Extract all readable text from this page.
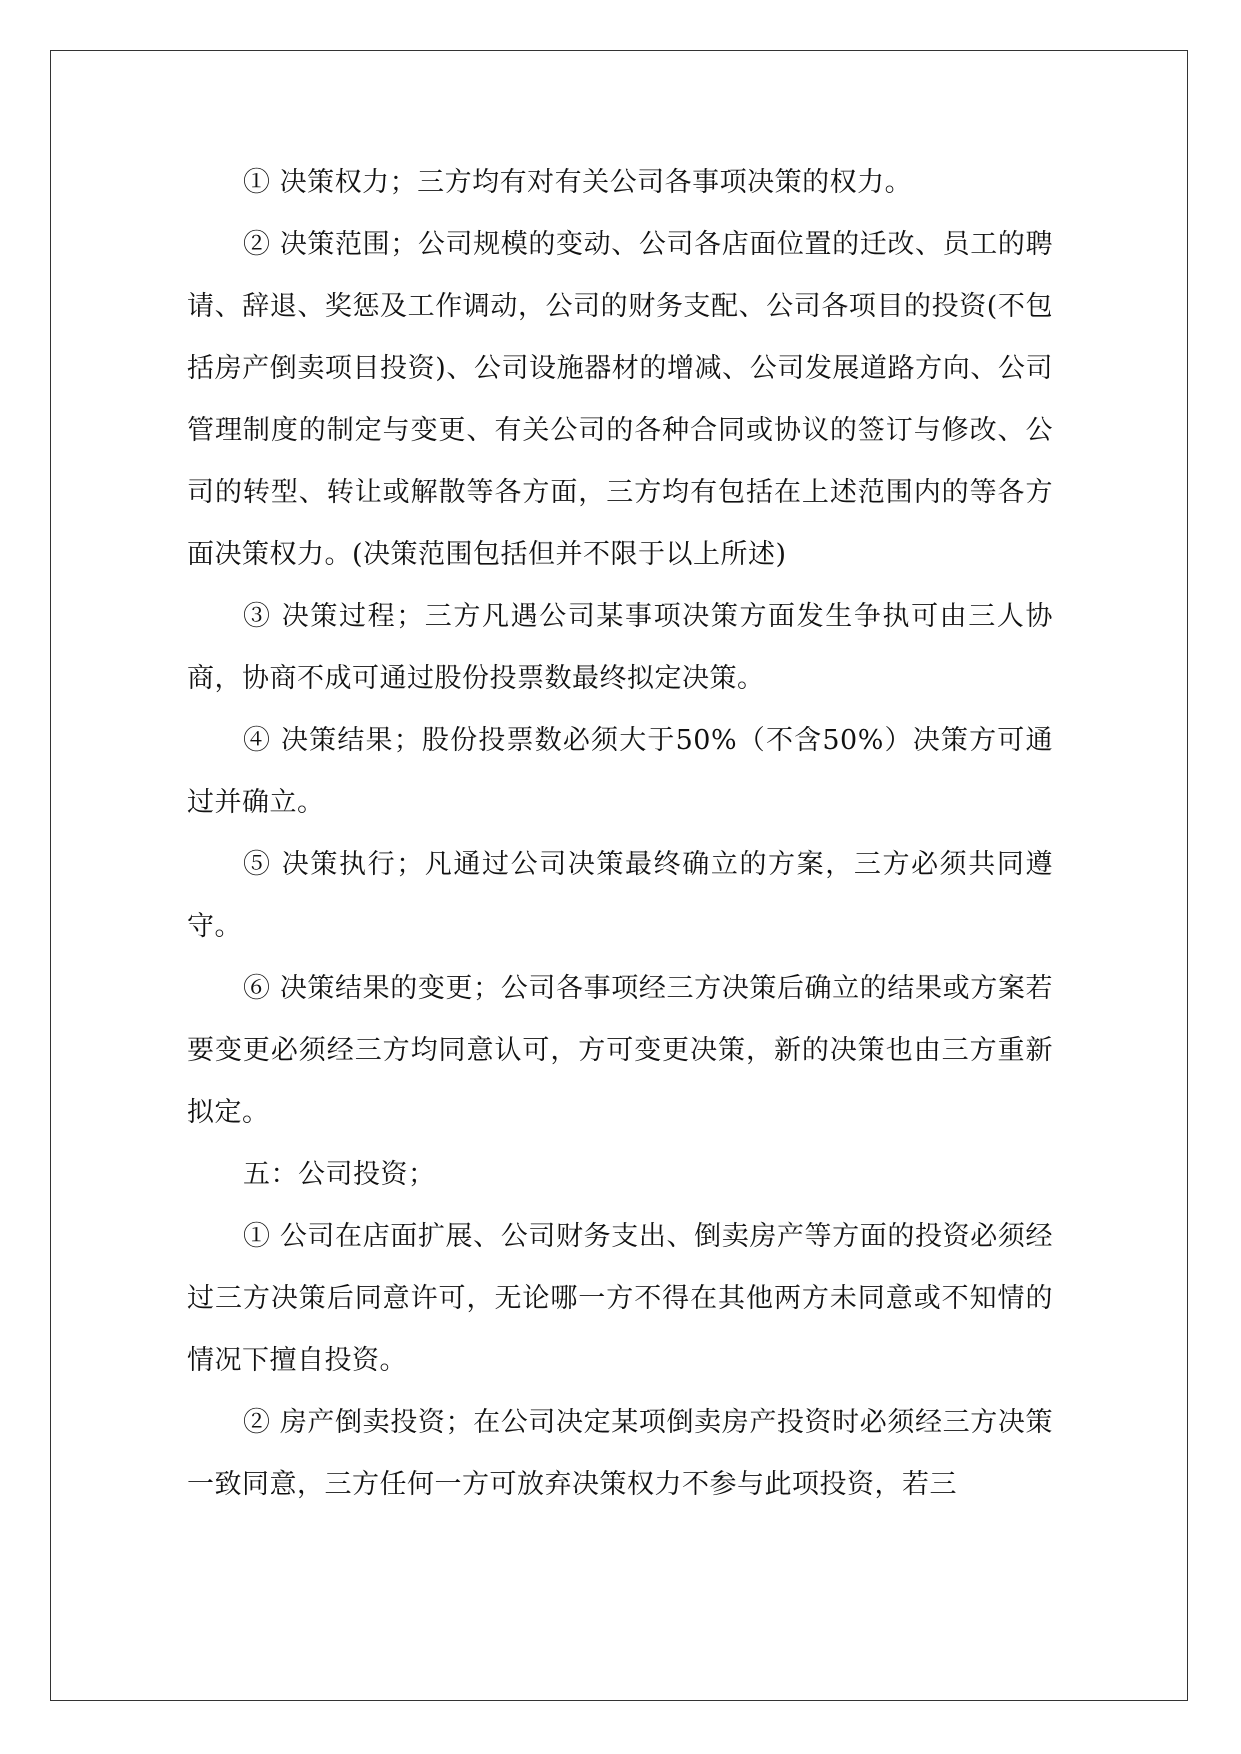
① 决策权力；三方均有对有关公司各事项决策的权力。

② 决策范围；公司规模的变动、公司各店面位置的迁改、员工的聘请、辞退、奖惩及工作调动，公司的财务支配、公司各项目的投资(不包括房产倒卖项目投资)、公司设施器材的增减、公司发展道路方向、公司管理制度的制定与变更、有关公司的各种合同或协议的签订与修改、公司的转型、转让或解散等各方面，三方均有包括在上述范围内的等各方面决策权力。(决策范围包括但并不限于以上所述)

③ 决策过程；三方凡遇公司某事项决策方面发生争执可由三人协商，协商不成可通过股份投票数最终拟定决策。

④ 决策结果；股份投票数必须大于50%（不含50%）决策方可通过并确立。

⑤ 决策执行；凡通过公司决策最终确立的方案，三方必须共同遵守。

⑥ 决策结果的变更；公司各事项经三方决策后确立的结果或方案若要变更必须经三方均同意认可，方可变更决策，新的决策也由三方重新拟定。

五：公司投资；

① 公司在店面扩展、公司财务支出、倒卖房产等方面的投资必须经过三方决策后同意许可，无论哪一方不得在其他两方未同意或不知情的情况下擅自投资。

② 房产倒卖投资；在公司决定某项倒卖房产投资时必须经三方决策一致同意，三方任何一方可放弃决策权力不参与此项投资，若三
